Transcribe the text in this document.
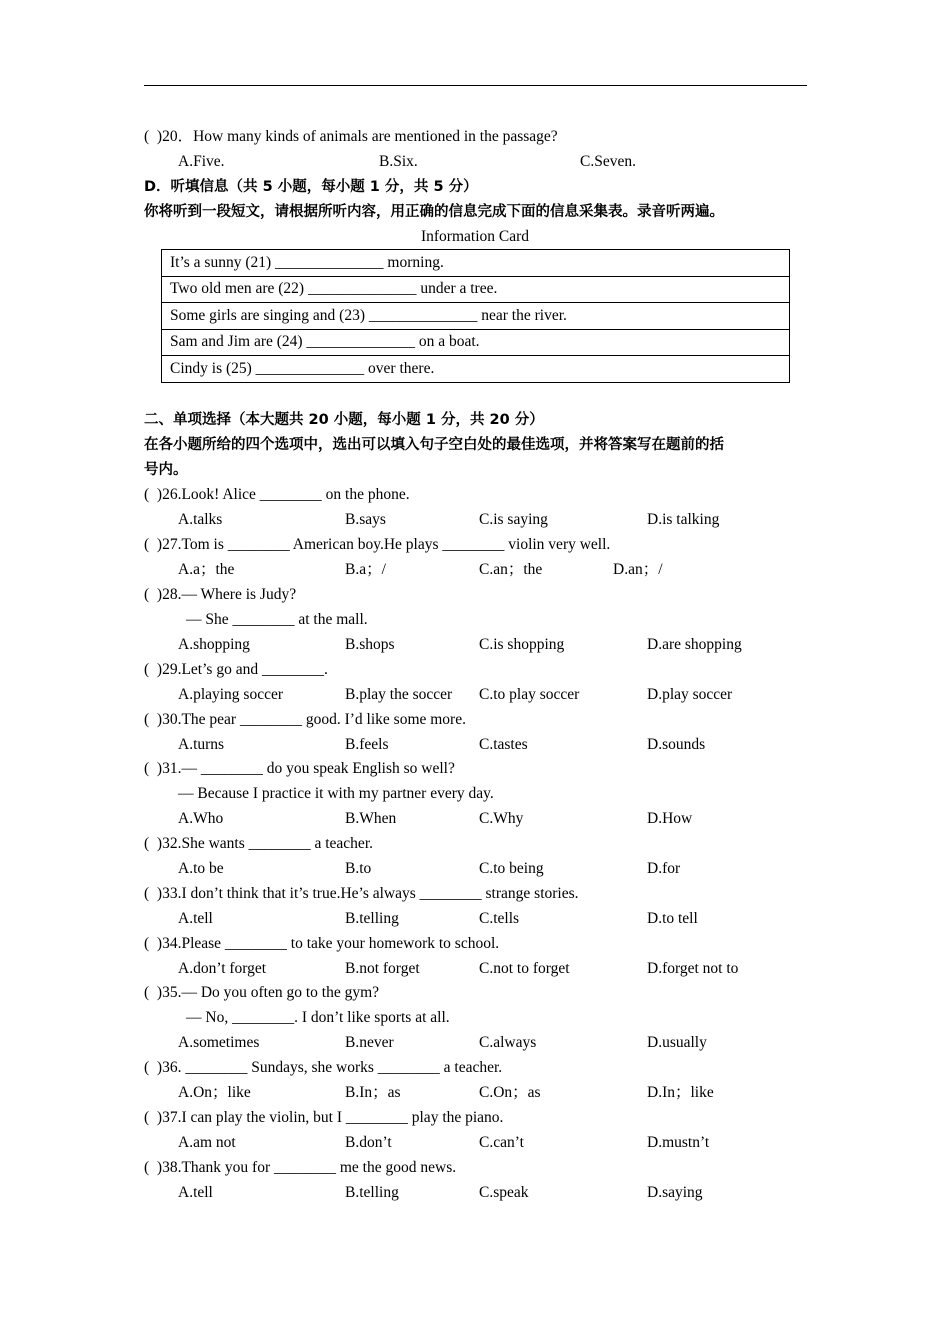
(  )20．How many kinds of animals are mentioned in the passage?
A.Five.	B.Six.	C.Seven.
D．听填信息（共 5 小题，每小题 1 分，共 5 分）
你将听到一段短文，请根据所听内容，用正确的信息完成下面的信息采集表。录音听两遍。
Information Card
It’s a sunny (21) ______________ morning.
Two old men are (22) ______________ under a tree.
Some girls are singing and (23) ______________ near the river.
Sam and Jim are (24) ______________ on a boat.
Cindy is (25) ______________ over there.
二、单项选择（本大题共 20 小题，每小题 1 分，共 20 分）
在各小题所给的四个选项中，选出可以填入句子空白处的最佳选项，并将答案写在题前的括
号内。
(  )26.Look! Alice ________ on the phone.
A.talks	B.says	C.is saying	D.is talking
(  )27.Tom is ________ American boy.He plays ________ violin very well.
A.a；the	B.a；/	C.an；the	D.an；/
(  )28.— Where is Judy?
— She ________ at the mall.
A.shopping	B.shops	C.is shopping	D.are shopping
(  )29.Let’s go and ________.
A.playing soccer	B.play the soccer C.to play soccer	D.play soccer
(  )30.The pear ________ good. I’d like some more.
A.turns	B.feels	C.tastes	D.sounds
(  )31.— ________ do you speak English so well?
— Because I practice it with my partner every day.
A.Who	B.When	C.Why	D.How
(  )32.She wants ________ a teacher.
A.to be	B.to	C.to being	D.for
(  )33.I don’t think that it’s true.He’s always ________ strange stories.
A.tell	B.telling	C.tells	D.to tell
(  )34.Please ________ to take your homework to school.
A.don’t forget	B.not forget	C.not to forget	D.forget not to
(  )35.— Do you often go to the gym?
— No, ________. I don’t like sports at all.
A.sometimes	B.never	C.always	D.usually
(  )36. ________ Sundays, she works ________ a teacher.
A.On；like	B.In；as	C.On；as	D.In；like
(  )37.I can play the violin, but I ________ play the piano.
A.am not	B.don’t	C.can’t	D.mustn’t
(  )38.Thank you for ________ me the good news.
A.tell	B.telling	C.speak	D.saying
